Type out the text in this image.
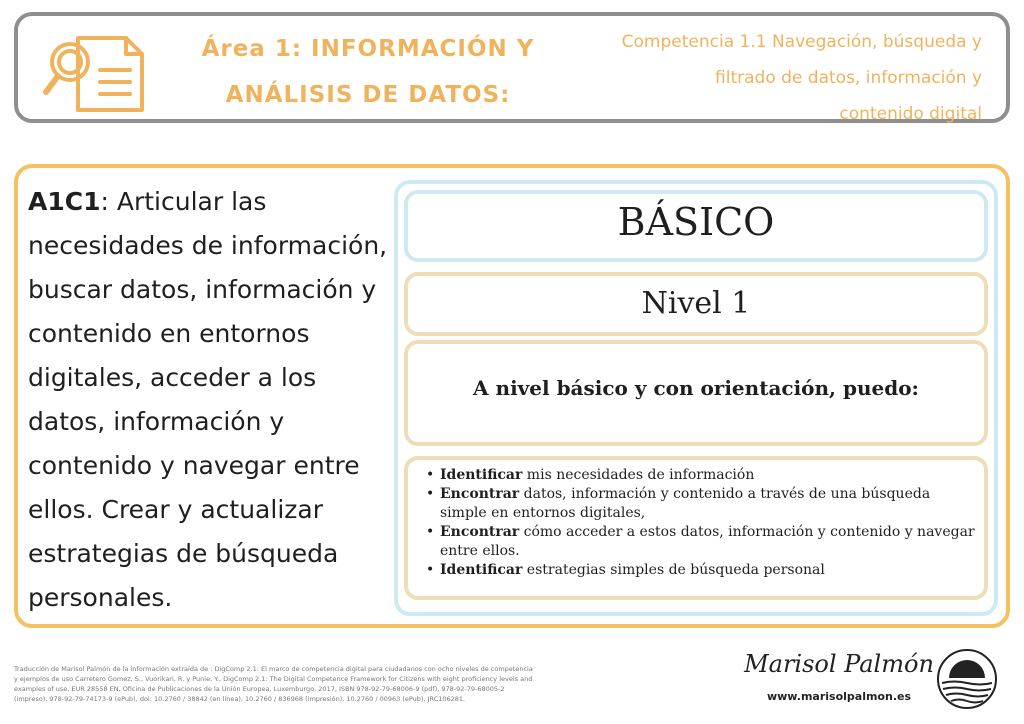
Área 1: INFORMACIÓN Y
ANÁLISIS DE DATOS:
Competencia 1.1 Navegación, búsqueda y
filtrado de datos, información y
contenido digital
A1C1: Articular las necesidades de información, buscar datos, información y contenido en entornos digitales, acceder a los datos, información y contenido y navegar entre ellos. Crear y actualizar estrategias de búsqueda personales.
BÁSICO
Nivel 1
A nivel básico y con orientación, puedo:
• Identificar mis necesidades de información
• Encontrar datos, información y contenido a través de una búsqueda simple en entornos digitales,
• Encontrar cómo acceder a estos datos, información y contenido y navegar entre ellos.
• Identificar estrategias simples de búsqueda personal
Traducción de Marisol Palmón de la información extraída de : DigComp 2.1: El marco de competencia digital para ciudadanos con ocho niveles de competencia y ejemplos de uso Carretero Gomez, S., Vuorikari, R. y Punie, Y., DigComp 2.1: The Digital Competence Framework for Citizens with eight proficiency levels and examples of use, EUR 28558 EN, Oficina de Publicaciones de la Unión Europea, Luxemburgo, 2017, ISBN 978-92-79-68006-9 (pdf), 978-92-79-68005-2 (impreso), 978-92-79-74173-9 (ePub), doi: 10.2760 / 38842 (en línea), 10.2760 / 836968 (impresión), 10.2760 / 00963 (ePub), JRC106281.
Marisol Palmón
www.marisolpalmon.es
